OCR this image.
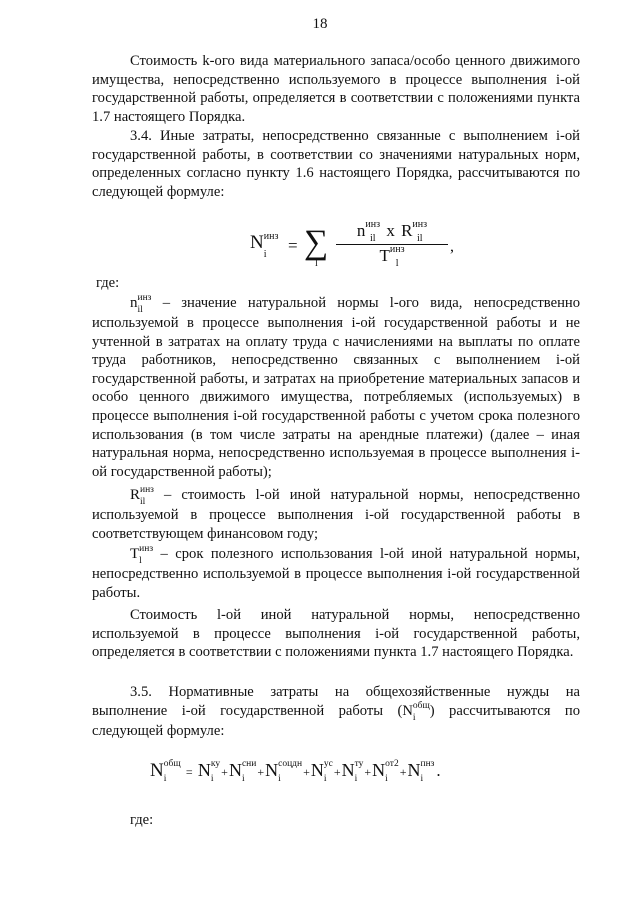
18
Стоимость k-ого вида материального запаса/особо ценного движимого имущества, непосредственно используемого в процессе выполнения i-ой государственной работы, определяется в соответствии с положениями пункта 1.7 настоящего Порядка.
3.4. Иные затраты, непосредственно связанные с выполнением i-ой государственной работы, в соответствии со значениями натуральных норм, определенных согласно пункту 1.6 настоящего Порядка, рассчитываются по следующей формуле:
N инз
i	= ∑
l
n инз
il x R инз
il
T инз
l
,
где:
n инз
il	– значение натуральной нормы l-ого вида, непосредственно используемой в процессе выполнения i-ой государственной работы и не учтенной в затратах на оплату труда с начислениями на выплаты по оплате труда работников, непосредственно связанных с выполнением i-ой государственной работы, и затратах на приобретение материальных запасов и особо ценного движимого имущества, потребляемых (используемых) в процессе выполнения i-ой государственной работы с учетом срока полезного использования (в том числе затраты на арендные платежи) (далее – иная натуральная норма, непосредственно используемая в процессе выполнения i-ой государственной работы);
R инз
il	– стоимость l-ой иной натуральной нормы, непосредственно используемой в процессе выполнения i-ой государственной работы в соответствующем финансовом году;
T инз
l	– срок полезного использования l-ой иной натуральной нормы, непосредственно используемой в процессе выполнения i-ой государственной работы.
Стоимость l-ой иной натуральной нормы, непосредственно используемой в процессе выполнения i-ой государственной работы, определяется в соответствии с положениями пункта 1.7 настоящего Порядка.
3.5. Нормативные затраты на общехозяйственные нужды на выполнение i-ой государственной работы (N общ
i ) рассчитываются по следующей формуле:
N общ
i	= N ку
i +N сни
i	+N соцдн
i	+N ус
i +N ту
i +N от2
i +N пнз
i .
где:
